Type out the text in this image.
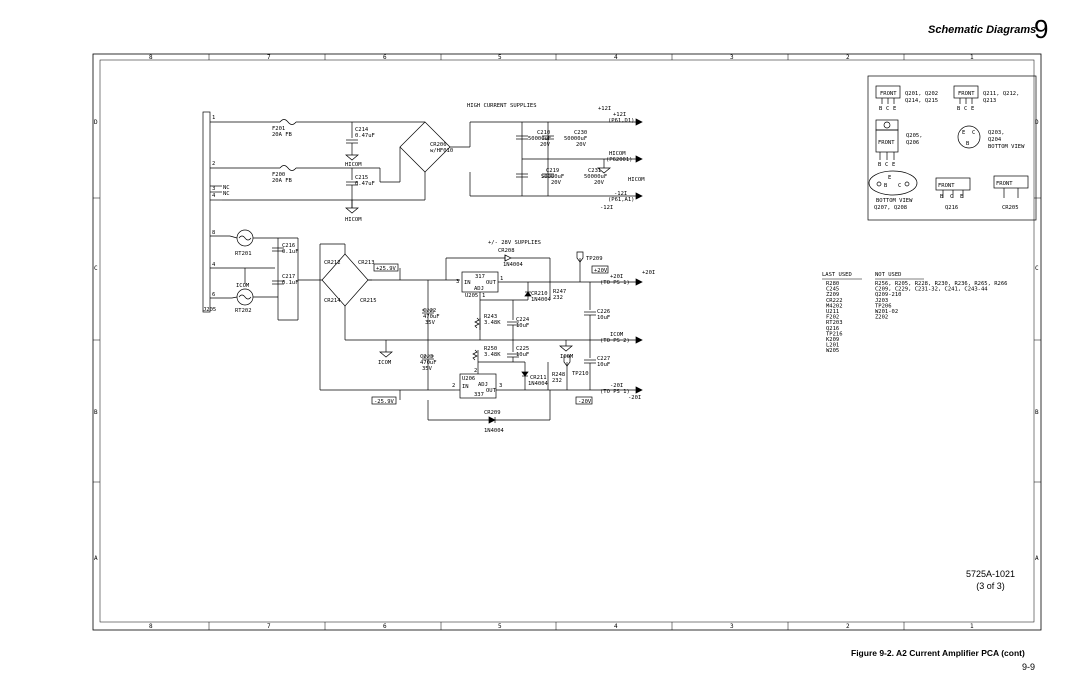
Schematic Diagrams
9
8	7	6	5	4	3	2	1
8	7	6	5	4	3	2	1
D
C
B
A
D
C
B
A
1
2
3
4
8
4
6
NC
NC
J205
HIGH CURRENT SUPPLIES
F201
20A FB
F200
20A FB
C214
0.47uF
C215
0.47uF
HICOM
HICOM
CR206
w/HF010
C210
50000uF
20V
C230
50000uF
20V
C219
50000uF
20V
C231
50000uF
20V
+12I
+12I
(P61,D1)
HICOM
(P62001)
HICOM
-12I
(P61,A1)
-12I
+/- 28V SUPPLIES
RT201
ICOM
RT202
C216
0.1uF
C217
0.1uF
CR212	CR213
CR214	CR215
+25.9V
-25.9V
CR208
1N4004
TP209
317
IN	OUT
ADJ
U205
3	1
1
+20V
+20I
(TO PS 1)
+20I
CR210
1N4004
R247
232
C222
470uF
35V
R243
3.48K	C224
10uF
C226
10uF
ICOM
(TO PS 2)
ICOM
ICOM
R250
3.48K
C225
10uF
C223
470uF
35V
C227
10uF
U206
IN ADJ
OUT
337
2
2
3
CR211
1N4004
R248
232
TP210
-20V
-20I
(TO PS 1)
-20I
CR209
1N4004
FRONT	FRONT
Q201, Q202
Q214, Q215
Q211, Q212,
Q213
B C E	B C E
FRONT
Q205,
Q206
B C E
E C
B
Q203,
Q204
BOTTOM VIEW
E
B C	FRONT	FRONT
B C E
BOTTOM VIEW
Q207, Q208	Q216	CR205
LAST USED
R280
C245
Z209
CR222
M4202
U211
F202
RT203
Q216
TP216
K209
L201
W205
NOT USED
R256, R205, R228, R230, R236, R265, R266
C209, C229, C231-32, C241, C243-44
Q209-210
J203
TP206
W201-02
Z202
5725A-1021
(3 of 3)
Figure 9-2. A2 Current Amplifier PCA (cont)
9-9
